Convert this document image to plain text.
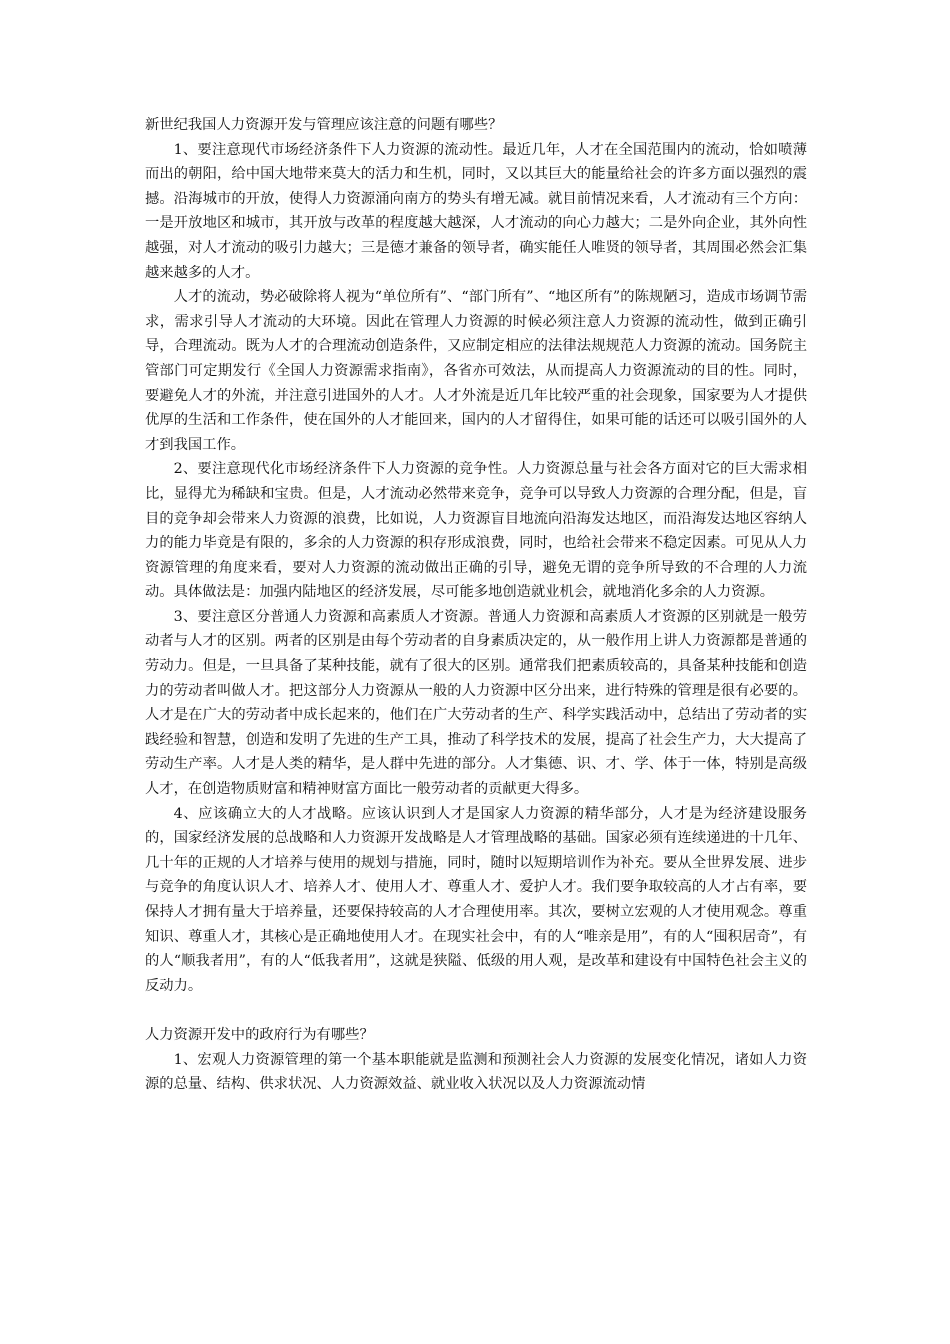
新世纪我国人力资源开发与管理应该注意的问题有哪些？

1、要注意现代市场经济条件下人力资源的流动性。最近几年，人才在全国范围内的流动，恰如喷薄而出的朝阳，给中国大地带来莫大的活力和生机，同时，又以其巨大的能量给社会的许多方面以强烈的震撼。沿海城市的开放，使得人力资源涌向南方的势头有增无减。就目前情况来看，人才流动有三个方向：一是开放地区和城市，其开放与改革的程度越大越深，人才流动的向心力越大；二是外向企业，其外向性越强，对人才流动的吸引力越大；三是德才兼备的领导者，确实能任人唯贤的领导者，其周围必然会汇集越来越多的人才。

人才的流动，势必破除将人视为“单位所有”、“部门所有”、“地区所有”的陈规陋习，造成市场调节需求，需求引导人才流动的大环境。因此在管理人力资源的时候必须注意人力资源的流动性，做到正确引导，合理流动。既为人才的合理流动创造条件，又应制定相应的法律法规规范人力资源的流动。国务院主管部门可定期发行《全国人力资源需求指南》，各省亦可效法，从而提高人力资源流动的目的性。同时，要避免人才的外流，并注意引进国外的人才。人才外流是近几年比较严重的社会现象，国家要为人才提供优厚的生活和工作条件，使在国外的人才能回来，国内的人才留得住，如果可能的话还可以吸引国外的人才到我国工作。

2、要注意现代化市场经济条件下人力资源的竞争性。人力资源总量与社会各方面对它的巨大需求相比，显得尤为稀缺和宝贵。但是，人才流动必然带来竞争，竞争可以导致人力资源的合理分配，但是，盲目的竞争却会带来人力资源的浪费，比如说，人力资源盲目地流向沿海发达地区，而沿海发达地区容纳人力的能力毕竟是有限的，多余的人力资源的积存形成浪费，同时，也给社会带来不稳定因素。可见从人力资源管理的角度来看，要对人力资源的流动做出正确的引导，避免无谓的竞争所导致的不合理的人力流动。具体做法是：加强内陆地区的经济发展，尽可能多地创造就业机会，就地消化多余的人力资源。

3、要注意区分普通人力资源和高素质人才资源。普通人力资源和高素质人才资源的区别就是一般劳动者与人才的区别。两者的区别是由每个劳动者的自身素质决定的，从一般作用上讲人力资源都是普通的劳动力。但是，一旦具备了某种技能，就有了很大的区别。通常我们把素质较高的，具备某种技能和创造力的劳动者叫做人才。把这部分人力资源从一般的人力资源中区分出来，进行特殊的管理是很有必要的。人才是在广大的劳动者中成长起来的，他们在广大劳动者的生产、科学实践活动中，总结出了劳动者的实践经验和智慧，创造和发明了先进的生产工具，推动了科学技术的发展，提高了社会生产力，大大提高了劳动生产率。人才是人类的精华，是人群中先进的部分。人才集德、识、才、学、体于一体，特别是高级人才，在创造物质财富和精神财富方面比一般劳动者的贡献更大得多。

4、应该确立大的人才战略。应该认识到人才是国家人力资源的精华部分，人才是为经济建设服务的，国家经济发展的总战略和人力资源开发战略是人才管理战略的基础。国家必须有连续递进的十几年、几十年的正规的人才培养与使用的规划与措施，同时，随时以短期培训作为补充。要从全世界发展、进步与竞争的角度认识人才、培养人才、使用人才、尊重人才、爱护人才。我们要争取较高的人才占有率，要保持人才拥有量大于培养量，还要保持较高的人才合理使用率。其次，要树立宏观的人才使用观念。尊重知识、尊重人才，其核心是正确地使用人才。在现实社会中，有的人“唯亲是用”，有的人“囤积居奇”，有的人“顺我者用”，有的人“低我者用”，这就是狭隘、低级的用人观，是改革和建设有中国特色社会主义的反动力。

人力资源开发中的政府行为有哪些？

1、宏观人力资源管理的第一个基本职能就是监测和预测社会人力资源的发展变化情况，诸如人力资源的总量、结构、供求状况、人力资源效益、就业收入状况以及人力资源流动情
